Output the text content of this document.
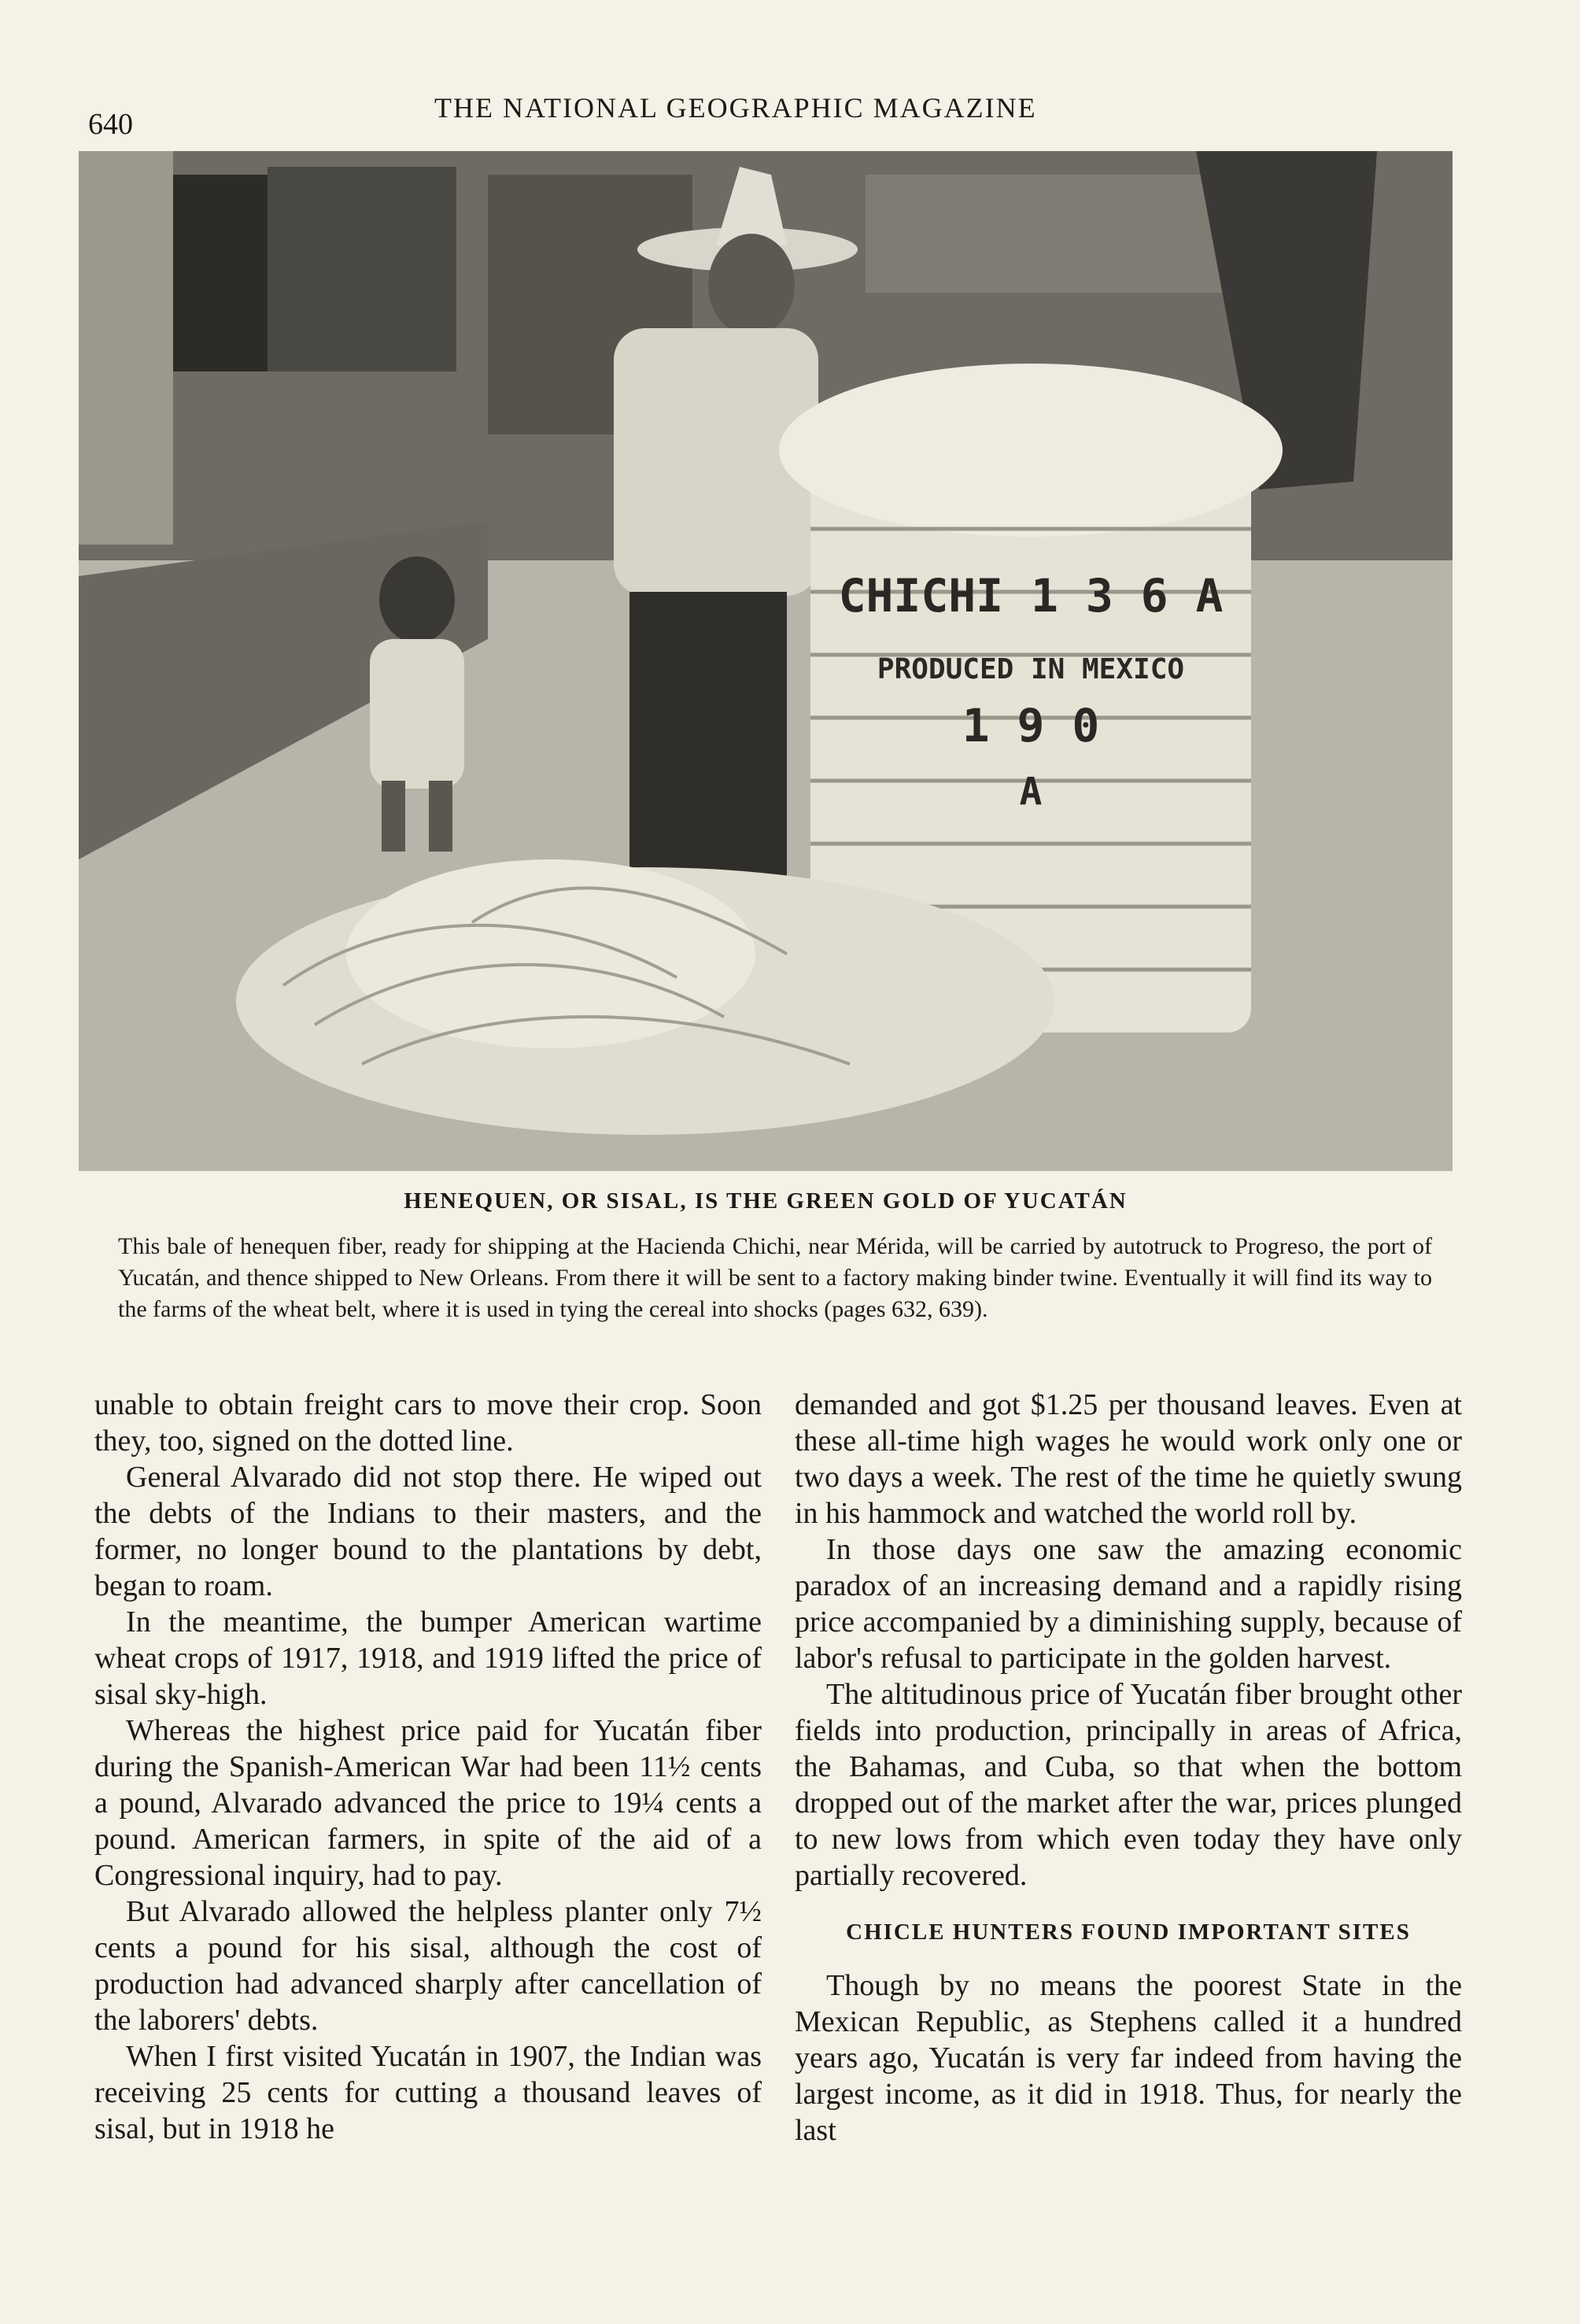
640	THE NATIONAL GEOGRAPHIC MAGAZINE
CHICHI 1 3 6 A
PRODUCED IN MEXICO
1 9 0
A
HENEQUEN, OR SISAL, IS THE GREEN GOLD OF YUCATÁN
This bale of henequen fiber, ready for shipping at the Hacienda Chichi, near Mérida, will be carried by autotruck to Progreso, the port of Yucatán, and thence shipped to New Orleans. From there it will be sent to a factory making binder twine. Eventually it will find its way to the farms of the wheat belt, where it is used in tying the cereal into shocks (pages 632, 639).

unable to obtain freight cars to move their crop. Soon they, too, signed on the dotted line.

General Alvarado did not stop there. He wiped out the debts of the Indians to their masters, and the former, no longer bound to the plantations by debt, began to roam.

In the meantime, the bumper American wartime wheat crops of 1917, 1918, and 1919 lifted the price of sisal sky-high.

Whereas the highest price paid for Yucatán fiber during the Spanish-American War had been 11½ cents a pound, Alvarado advanced the price to 19¼ cents a pound. American farmers, in spite of the aid of a Congressional inquiry, had to pay.

But Alvarado allowed the helpless planter only 7½ cents a pound for his sisal, although the cost of production had advanced sharply after cancellation of the laborers' debts.

When I first visited Yucatán in 1907, the Indian was receiving 25 cents for cutting a thousand leaves of sisal, but in 1918 he

demanded and got $1.25 per thousand leaves. Even at these all-time high wages he would work only one or two days a week. The rest of the time he quietly swung in his hammock and watched the world roll by.

In those days one saw the amazing economic paradox of an increasing demand and a rapidly rising price accompanied by a diminishing supply, because of labor's refusal to participate in the golden harvest.

The altitudinous price of Yucatán fiber brought other fields into production, principally in areas of Africa, the Bahamas, and Cuba, so that when the bottom dropped out of the market after the war, prices plunged to new lows from which even today they have only partially recovered.

CHICLE HUNTERS FOUND IMPORTANT SITES

Though by no means the poorest State in the Mexican Republic, as Stephens called it a hundred years ago, Yucatán is very far indeed from having the largest income, as it did in 1918. Thus, for nearly the last
